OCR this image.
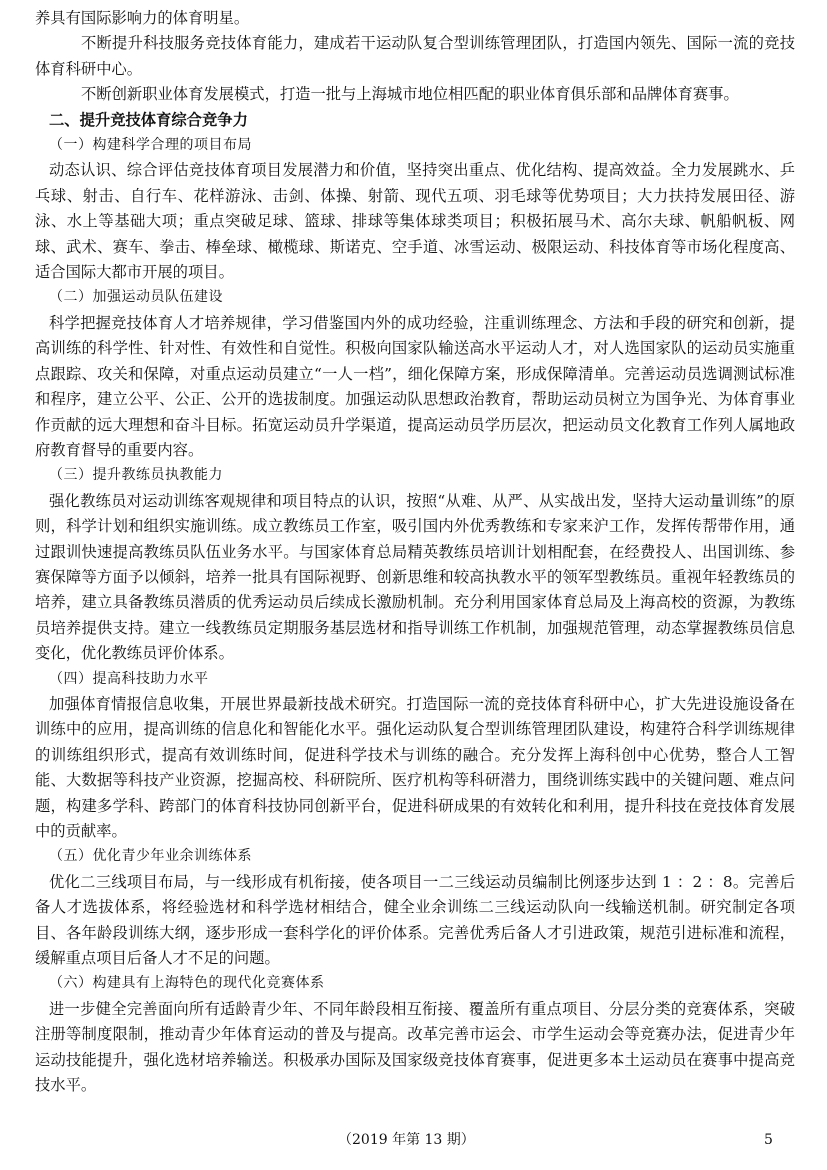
养具有国际影响力的体育明星。

不断提升科技服务竞技体育能力，建成若干运动队复合型训练管理团队，打造国内领先、国际一流的竞技体育科研中心。

不断创新职业体育发展模式，打造一批与上海城市地位相匹配的职业体育俱乐部和品牌体育赛事。

二、提升竞技体育综合竞争力
（一）构建科学合理的项目布局

动态认识、综合评估竞技体育项目发展潜力和价值，坚持突出重点、优化结构、提高效益。全力发展跳水、乒乓球、射击、自行车、花样游泳、击剑、体操、射箭、现代五项、羽毛球等优势项目；大力扶持发展田径、游泳、水上等基础大项；重点突破足球、篮球、排球等集体球类项目；积极拓展马术、高尔夫球、帆船帆板、网球、武术、赛车、拳击、棒垒球、橄榄球、斯诺克、空手道、冰雪运动、极限运动、科技体育等市场化程度高、适合国际大都市开展的项目。

（二）加强运动员队伍建设

科学把握竞技体育人才培养规律，学习借鉴国内外的成功经验，注重训练理念、方法和手段的研究和创新，提高训练的科学性、针对性、有效性和自觉性。积极向国家队输送高水平运动人才，对人选国家队的运动员实施重点跟踪、攻关和保障，对重点运动员建立“一人一档”，细化保障方案，形成保障清单。完善运动员选调测试标准和程序，建立公平、公正、公开的选拔制度。加强运动队思想政治教育，帮助运动员树立为国争光、为体育事业作贡献的远大理想和奋斗目标。拓宽运动员升学渠道，提高运动员学历层次，把运动员文化教育工作列人属地政府教育督导的重要内容。

（三）提升教练员执教能力

强化教练员对运动训练客观规律和项目特点的认识，按照“从难、从严、从实战出发，坚持大运动量训练”的原则，科学计划和组织实施训练。成立教练员工作室，吸引国内外优秀教练和专家来沪工作，发挥传帮带作用，通过跟训快速提高教练员队伍业务水平。与国家体育总局精英教练员培训计划相配套，在经费投人、出国训练、参赛保障等方面予以倾斜，培养一批具有国际视野、创新思维和较高执教水平的领军型教练员。重视年轻教练员的培养，建立具备教练员潜质的优秀运动员后续成长激励机制。充分利用国家体育总局及上海高校的资源，为教练员培养提供支持。建立一线教练员定期服务基层选材和指导训练工作机制，加强规范管理，动态掌握教练员信息变化，优化教练员评价体系。

（四）提高科技助力水平

加强体育情报信息收集，开展世界最新技战术研究。打造国际一流的竞技体育科研中心，扩大先进设施设备在训练中的应用，提高训练的信息化和智能化水平。强化运动队复合型训练管理团队建设，构建符合科学训练规律的训练组织形式，提高有效训练时间，促进科学技术与训练的融合。充分发挥上海科创中心优势，整合人工智能、大数据等科技产业资源，挖掘高校、科研院所、医疗机构等科研潜力，围绕训练实践中的关键问题、难点问题，构建多学科、跨部门的体育科技协同创新平台，促进科研成果的有效转化和利用，提升科技在竞技体育发展中的贡献率。

（五）优化青少年业余训练体系

优化二三线项目布局，与一线形成有机衔接，使各项目一二三线运动员编制比例逐步达到 1 ：2 ：8。完善后备人才选拔体系，将经验选材和科学选材相结合，健全业余训练二三线运动队向一线输送机制。研究制定各项目、各年龄段训练大纲，逐步形成一套科学化的评价体系。完善优秀后备人才引进政策，规范引进标准和流程，缓解重点项目后备人才不足的问题。

（六）构建具有上海特色的现代化竞赛体系

进一步健全完善面向所有适龄青少年、不同年龄段相互衔接、覆盖所有重点项目、分层分类的竞赛体系，突破注册等制度限制，推动青少年体育运动的普及与提高。改革完善市运会、市学生运动会等竞赛办法，促进青少年运动技能提升，强化选材培养输送。积极承办国际及国家级竞技体育赛事，促进更多本土运动员在赛事中提高竞技水平。

（2019 年第 13 期）	5
